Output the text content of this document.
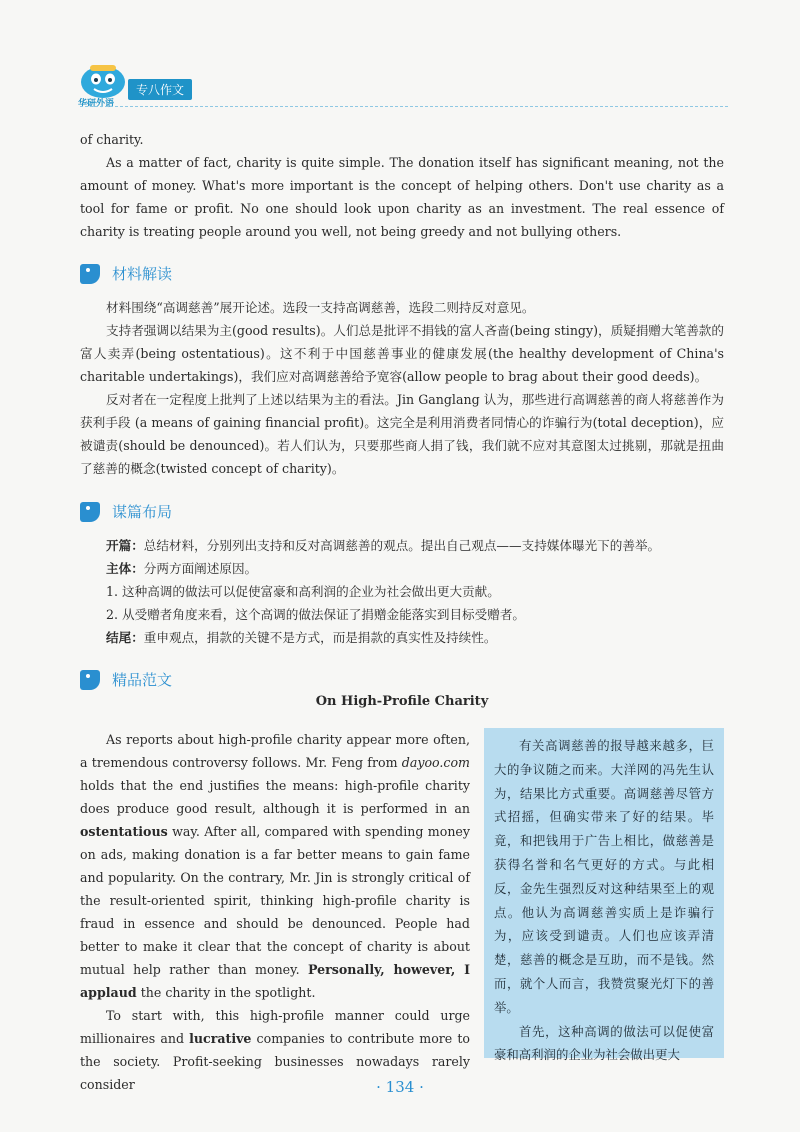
华研外语
专八作文

of charity.

As a matter of fact, charity is quite simple. The donation itself has significant meaning, not the amount of money. What's more important is the concept of helping others. Don't use charity as a tool for fame or profit. No one should look upon charity as an investment. The real essence of charity is treating people around you well, not being greedy and not bullying others.

材料解读

材料围绕“高调慈善”展开论述。选段一支持高调慈善，选段二则持反对意见。

支持者强调以结果为主(good results)。人们总是批评不捐钱的富人吝啬(being stingy)，质疑捐赠大笔善款的富人卖弄(being ostentatious)。这不利于中国慈善事业的健康发展(the healthy development of China's charitable undertakings)，我们应对高调慈善给予宽容(allow people to brag about their good deeds)。

反对者在一定程度上批判了上述以结果为主的看法。Jin Ganglang 认为，那些进行高调慈善的商人将慈善作为获利手段 (a means of gaining financial profit)。这完全是利用消费者同情心的诈骗行为(total deception)，应被谴责(should be denounced)。若人们认为，只要那些商人捐了钱，我们就不应对其意图太过挑剔，那就是扭曲了慈善的概念(twisted concept of charity)。

谋篇布局

开篇：总结材料，分别列出支持和反对高调慈善的观点。提出自己观点——支持媒体曝光下的善举。

主体：分两方面阐述原因。

1. 这种高调的做法可以促使富豪和高利润的企业为社会做出更大贡献。

2. 从受赠者角度来看，这个高调的做法保证了捐赠金能落实到目标受赠者。

结尾：重申观点，捐款的关键不是方式，而是捐款的真实性及持续性。

精品范文
On High-Profile Charity

As reports about high-profile charity appear more often, a tremendous controversy follows. Mr. Feng from dayoo.com holds that the end justifies the means: high-profile charity does produce good result, although it is performed in an ostentatious way. After all, compared with spending money on ads, making donation is a far better means to gain fame and popularity. On the contrary, Mr. Jin is strongly critical of the result-oriented spirit, thinking high-profile charity is fraud in essence and should be denounced. People had better to make it clear that the concept of charity is about mutual help rather than money. Personally, however, I applaud the charity in the spotlight.

To start with, this high-profile manner could urge millionaires and lucrative companies to contribute more to the society. Profit-seeking businesses nowadays rarely consider

有关高调慈善的报导越来越多，巨大的争议随之而来。大洋网的冯先生认为，结果比方式重要。高调慈善尽管方式招摇，但确实带来了好的结果。毕竟，和把钱用于广告上相比，做慈善是获得名誉和名气更好的方式。与此相反，金先生强烈反对这种结果至上的观点。他认为高调慈善实质上是诈骗行为，应该受到谴责。人们也应该弄清楚，慈善的概念是互助，而不是钱。然而，就个人而言，我赞赏聚光灯下的善举。

首先，这种高调的做法可以促使富豪和高利润的企业为社会做出更大

· 134 ·
